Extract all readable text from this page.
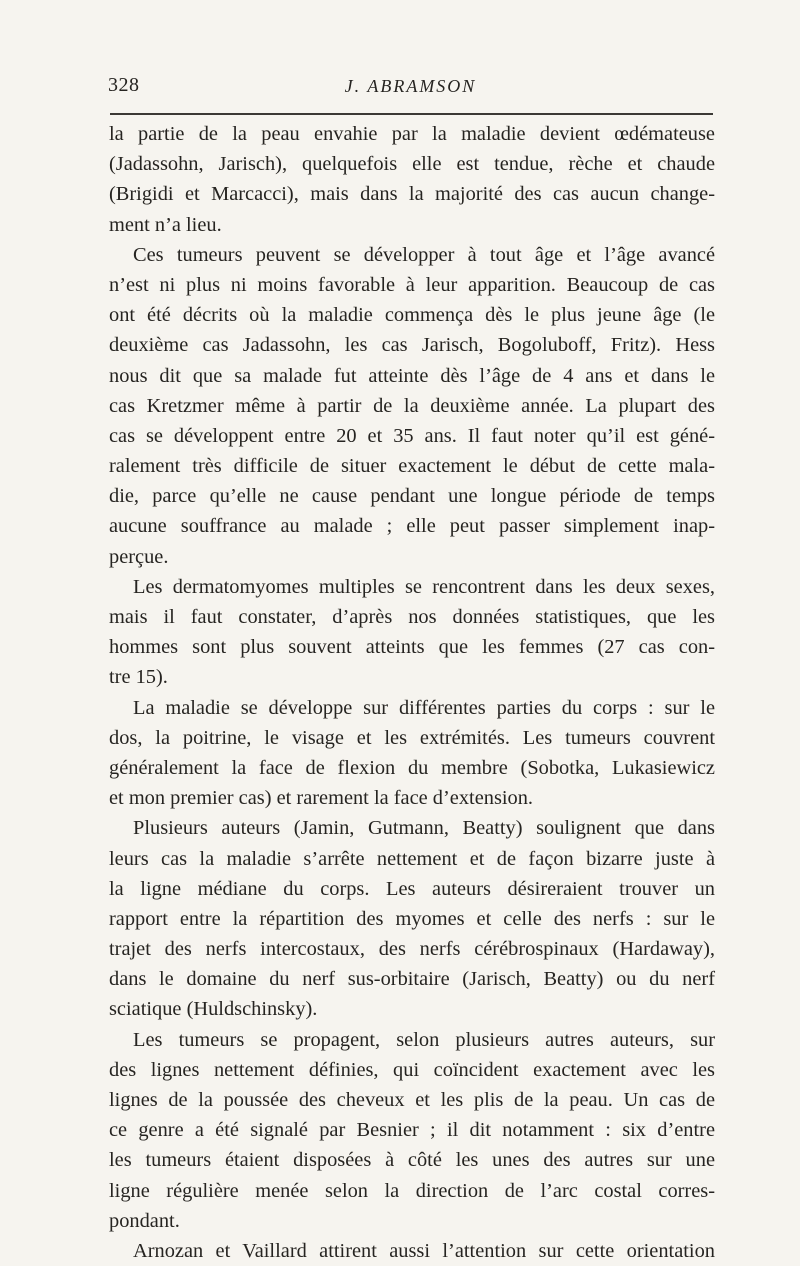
328	J. ABRAMSON
la partie de la peau envahie par la maladie devient œdémateuse
(Jadassohn, Jarisch), quelquefois elle est tendue, rèche et chaude
(Brigidi et Marcacci), mais dans la majorité des cas aucun change-
ment n’a lieu.
Ces tumeurs peuvent se développer à tout âge et l’âge avancé
n’est ni plus ni moins favorable à leur apparition. Beaucoup de cas
ont été décrits où la maladie commença dès le plus jeune âge (le
deuxième cas Jadassohn, les cas Jarisch, Bogoluboff, Fritz). Hess
nous dit que sa malade fut atteinte dès l’âge de 4 ans et dans le
cas Kretzmer même à partir de la deuxième année. La plupart des
cas se développent entre 20 et 35 ans. Il faut noter qu’il est géné-
ralement très difficile de situer exactement le début de cette mala-
die, parce qu’elle ne cause pendant une longue période de temps
aucune souffrance au malade ; elle peut passer simplement inap-
perçue.
Les dermatomyomes multiples se rencontrent dans les deux sexes,
mais il faut constater, d’après nos données statistiques, que les
hommes sont plus souvent atteints que les femmes (27 cas con-
tre 15).
La maladie se développe sur différentes parties du corps : sur le
dos, la poitrine, le visage et les extrémités. Les tumeurs couvrent
généralement la face de flexion du membre (Sobotka, Lukasiewicz
et mon premier cas) et rarement la face d’extension.
Plusieurs auteurs (Jamin, Gutmann, Beatty) soulignent que dans
leurs cas la maladie s’arrête nettement et de façon bizarre juste à
la ligne médiane du corps. Les auteurs désireraient trouver un
rapport entre la répartition des myomes et celle des nerfs : sur le
trajet des nerfs intercostaux, des nerfs cérébrospinaux (Hardaway),
dans le domaine du nerf sus-orbitaire (Jarisch, Beatty) ou du nerf
sciatique (Huldschinsky).
Les tumeurs se propagent, selon plusieurs autres auteurs, sur
des lignes nettement définies, qui coïncident exactement avec les
lignes de la poussée des cheveux et les plis de la peau. Un cas de
ce genre a été signalé par Besnier ; il dit notamment : six d’entre
les tumeurs étaient disposées à côté les unes des autres sur une
ligne régulière menée selon la direction de l’arc costal corres-
pondant.
Arnozan et Vaillard attirent aussi l’attention sur cette orientation
